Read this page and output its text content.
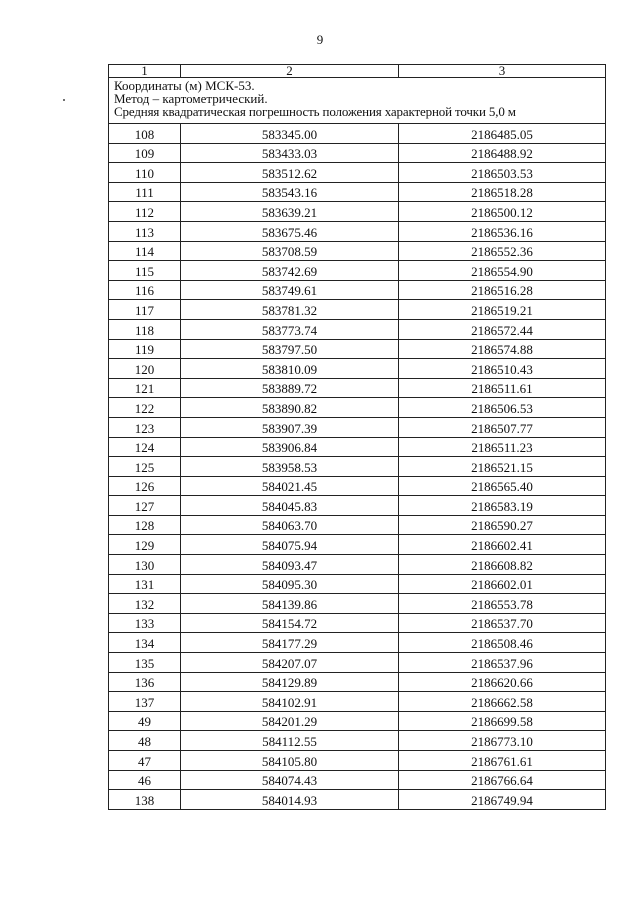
9
1	2	3

Координаты (м) МСК-53.
Метод – картометрический.
Средняя квадратическая погрешность положения характерной точки 5,0 м		

108	583345.00	2186485.05
109	583433.03	2186488.92
110	583512.62	2186503.53
111	583543.16	2186518.28
112	583639.21	2186500.12
113	583675.46	2186536.16
114	583708.59	2186552.36
115	583742.69	2186554.90
116	583749.61	2186516.28
117	583781.32	2186519.21
118	583773.74	2186572.44
119	583797.50	2186574.88
120	583810.09	2186510.43
121	583889.72	2186511.61
122	583890.82	2186506.53
123	583907.39	2186507.77
124	583906.84	2186511.23
125	583958.53	2186521.15
126	584021.45	2186565.40
127	584045.83	2186583.19
128	584063.70	2186590.27
129	584075.94	2186602.41
130	584093.47	2186608.82
131	584095.30	2186602.01
132	584139.86	2186553.78
133	584154.72	2186537.70
134	584177.29	2186508.46
135	584207.07	2186537.96
136	584129.89	2186620.66
137	584102.91	2186662.58
49	584201.29	2186699.58
48	584112.55	2186773.10
47	584105.80	2186761.61
46	584074.43	2186766.64
138	584014.93	2186749.94
